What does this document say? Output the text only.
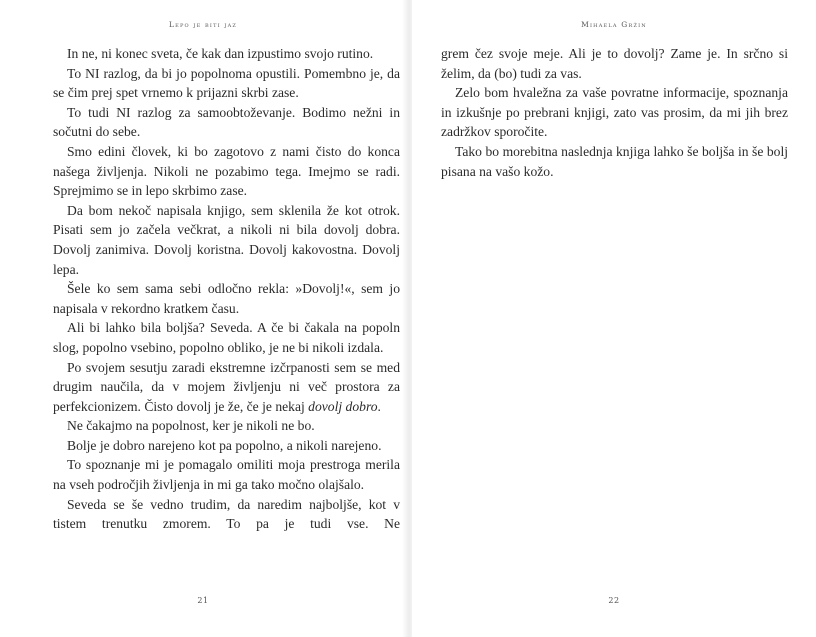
Lepo je biti jaz

In ne, ni konec sveta, če kak dan izpustimo svojo rutino.

To NI razlog, da bi jo popolnoma opustili. Pomembno je, da se čim prej spet vrnemo k prijazni skrbi zase.

To tudi NI razlog za samoobtoževanje. Bodimo nežni in sočutni do sebe.

Smo edini človek, ki bo zagotovo z nami čisto do konca našega življenja. Nikoli ne pozabimo tega. Imejmo se radi. Sprejmimo se in lepo skrbimo zase.

Da bom nekoč napisala knjigo, sem sklenila že kot otrok. Pisati sem jo začela večkrat, a nikoli ni bila dovolj dobra. Dovolj zanimiva. Dovolj koristna. Dovolj kakovostna. Dovolj lepa.

Šele ko sem sama sebi odločno rekla: »Dovolj!«, sem jo napisala v rekordno kratkem času.

Ali bi lahko bila boljša? Seveda. A če bi čakala na popoln slog, popolno vsebino, popolno obliko, je ne bi nikoli izdala.

Po svojem sesutju zaradi ekstremne izčrpanosti sem se med drugim naučila, da v mojem življenju ni več prostora za perfekcionizem. Čisto dovolj je že, če je nekaj dovolj dobro.

Ne čakajmo na popolnost, ker je nikoli ne bo.

Bolje je dobro narejeno kot pa popolno, a nikoli narejeno.

To spoznanje mi je pomagalo omiliti moja prestroga merila na vseh področjih življenja in mi ga tako močno olajšalo.

Seveda se še vedno trudim, da naredim najboljše, kot v tistem trenutku zmorem. To pa je tudi vse. Ne

21
Mihaela Gržin

grem čez svoje meje. Ali je to dovolj? Zame je. In srčno si želim, da (bo) tudi za vas.

Zelo bom hvaležna za vaše povratne informacije, spoznanja in izkušnje po prebrani knjigi, zato vas prosim, da mi jih brez zadržkov sporočite.

Tako bo morebitna naslednja knjiga lahko še boljša in še bolj pisana na vašo kožo.

22
